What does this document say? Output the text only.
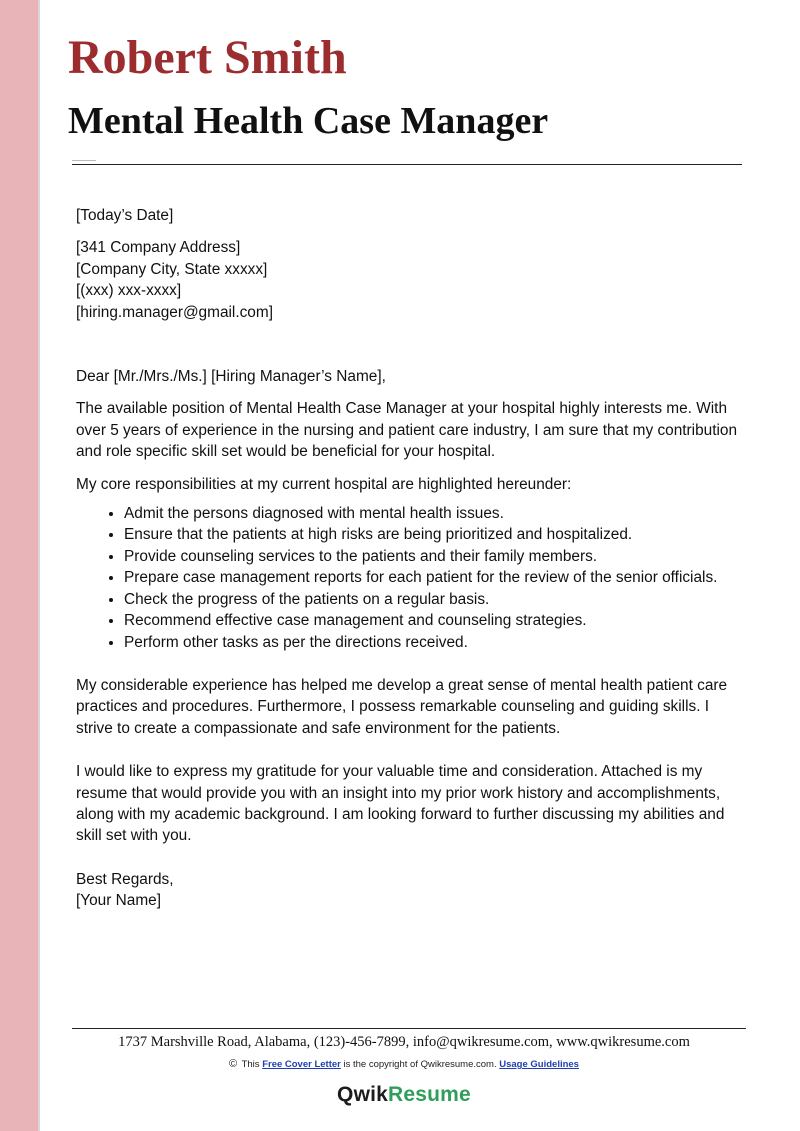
Robert Smith
Mental Health Case Manager

[Today’s Date]

[341 Company Address]

[Company City, State xxxxx]

[(xxx) xxx-xxxx]

[hiring.manager@gmail.com]

Dear [Mr./Mrs./Ms.] [Hiring Manager’s Name],

The available position of Mental Health Case Manager at your hospital highly interests me. With over 5 years of experience in the nursing and patient care industry, I am sure that my contribution and role specific skill set would be beneficial for your hospital.

My core responsibilities at my current hospital are highlighted hereunder:

• Admit the persons diagnosed with mental health issues.
• Ensure that the patients at high risks are being prioritized and hospitalized.
• Provide counseling services to the patients and their family members.
• Prepare case management reports for each patient for the review of the senior officials.
• Check the progress of the patients on a regular basis.
• Recommend effective case management and counseling strategies.
• Perform other tasks as per the directions received.

My considerable experience has helped me develop a great sense of mental health patient care practices and procedures. Furthermore, I possess remarkable counseling and guiding skills. I strive to create a compassionate and safe environment for the patients.

I would like to express my gratitude for your valuable time and consideration. Attached is my resume that would provide you with an insight into my prior work history and accomplishments, along with my academic background. I am looking forward to further discussing my abilities and skill set with you.

Best Regards,

[Your Name]

1737 Marshville Road, Alabama, (123)-456-7899, info@qwikresume.com, www.qwikresume.com
© This Free Cover Letter is the copyright of Qwikresume.com. Usage Guidelines
QwikResume
